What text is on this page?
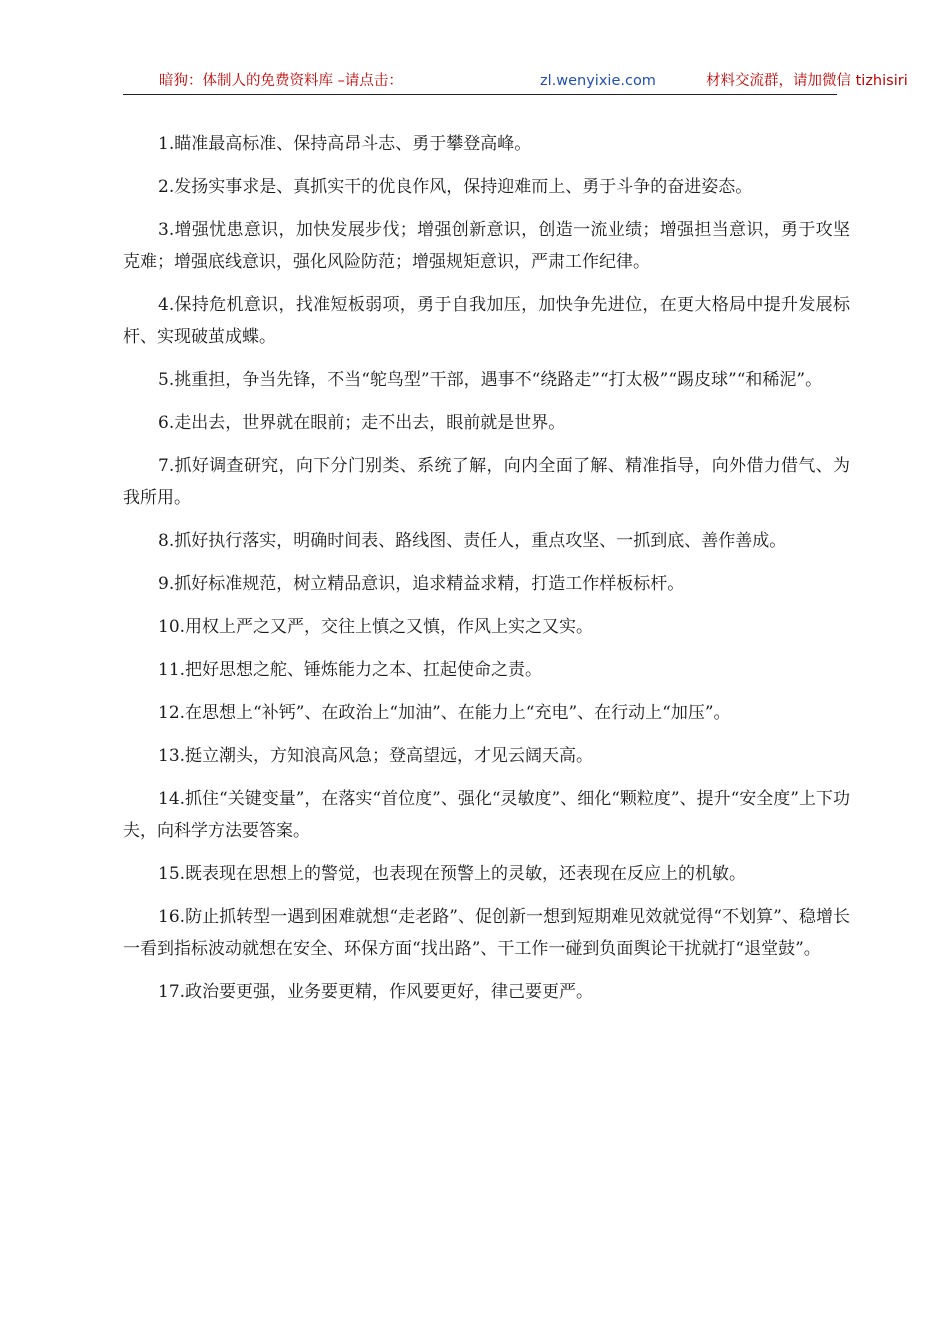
暗狗：体制人的免费资料库 –请点击：	zl.wenyixie.com	材料交流群，请加微信 tizhisiri

1.瞄准最高标准、保持高昂斗志、勇于攀登高峰。

2.发扬实事求是、真抓实干的优良作风，保持迎难而上、勇于斗争的奋进姿态。

3.增强忧患意识，加快发展步伐；增强创新意识，创造一流业绩；增强担当意识，勇于攻坚克难；增强底线意识，强化风险防范；增强规矩意识，严肃工作纪律。

4.保持危机意识，找准短板弱项，勇于自我加压，加快争先进位，在更大格局中提升发展标杆、实现破茧成蝶。

5.挑重担，争当先锋，不当“鸵鸟型”干部，遇事不“绕路走”“打太极”“踢皮球”“和稀泥”。

6.走出去，世界就在眼前；走不出去，眼前就是世界。

7.抓好调查研究，向下分门别类、系统了解，向内全面了解、精准指导，向外借力借气、为我所用。

8.抓好执行落实，明确时间表、路线图、责任人，重点攻坚、一抓到底、善作善成。

9.抓好标准规范，树立精品意识，追求精益求精，打造工作样板标杆。

10.用权上严之又严，交往上慎之又慎，作风上实之又实。

11.把好思想之舵、锤炼能力之本、扛起使命之责。

12.在思想上“补钙”、在政治上“加油”、在能力上“充电”、在行动上“加压”。

13.挺立潮头，方知浪高风急；登高望远，才见云阔天高。

14.抓住“关键变量”，在落实“首位度”、强化“灵敏度”、细化“颗粒度”、提升“安全度”上下功夫，向科学方法要答案。

15.既表现在思想上的警觉，也表现在预警上的灵敏，还表现在反应上的机敏。

16.防止抓转型一遇到困难就想“走老路”、促创新一想到短期难见效就觉得“不划算”、稳增长一看到指标波动就想在安全、环保方面“找出路”、干工作一碰到负面舆论干扰就打“退堂鼓”。

17.政治要更强，业务要更精，作风要更好，律己要更严。
